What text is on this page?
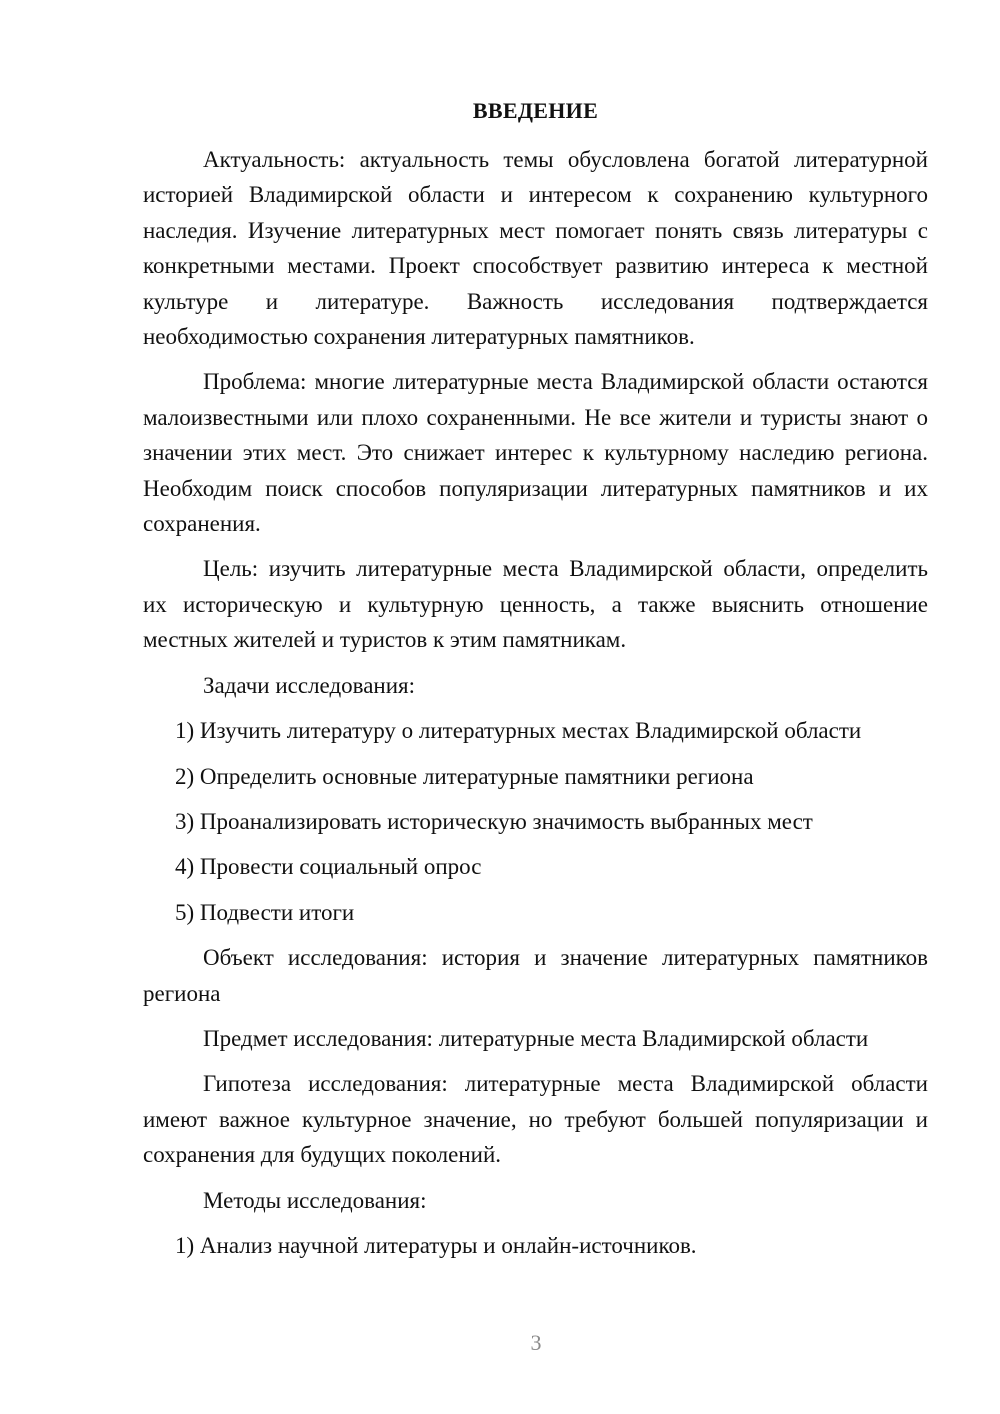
ВВЕДЕНИЕ

Актуальность: актуальность темы обусловлена богатой литературной историей Владимирской области и интересом к сохранению культурного наследия. Изучение литературных мест помогает понять связь литературы с конкретными местами. Проект способствует развитию интереса к местной культуре и литературе. Важность исследования подтверждается необходимостью сохранения литературных памятников.

Проблема: многие литературные места Владимирской области остаются малоизвестными или плохо сохраненными. Не все жители и туристы знают о значении этих мест. Это снижает интерес к культурному наследию региона. Необходим поиск способов популяризации литературных памятников и их сохранения.

Цель: изучить литературные места Владимирской области, определить их историческую и культурную ценность, а также выяснить отношение местных жителей и туристов к этим памятникам.

Задачи исследования:

1) Изучить литературу о литературных местах Владимирской области
2) Определить основные литературные памятники региона
3) Проанализировать историческую значимость выбранных мест
4) Провести социальный опрос
5) Подвести итоги

Объект исследования: история и значение литературных памятников региона

Предмет исследования: литературные места Владимирской области

Гипотеза исследования: литературные места Владимирской области имеют важное культурное значение, но требуют большей популяризации и сохранения для будущих поколений.

Методы исследования:

1) Анализ научной литературы и онлайн-источников.
3
